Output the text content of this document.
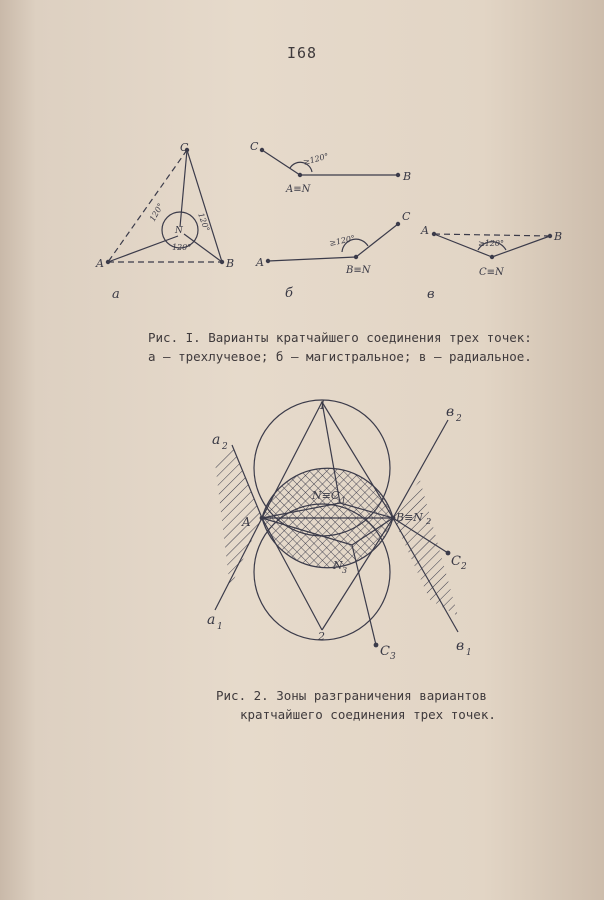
I68
C
A	B
N
120°	120°
120°
а
C
A≡N
B
≥120°
A
B≡N
C
≥120°
б
A	B
C≡N
≥120°
в
Рис. I. Варианты кратчайшего соединения трех точек:
а – трехлучевое; б – магистральное; в – радиальное.
1
2
a 2
a 1
в 2
в 1
C 2
C 3
A	B≡N 2
N≡C 1
N 3
Рис. 2. Зоны разграничения вариантов
кратчайшего соединения трех точек.
